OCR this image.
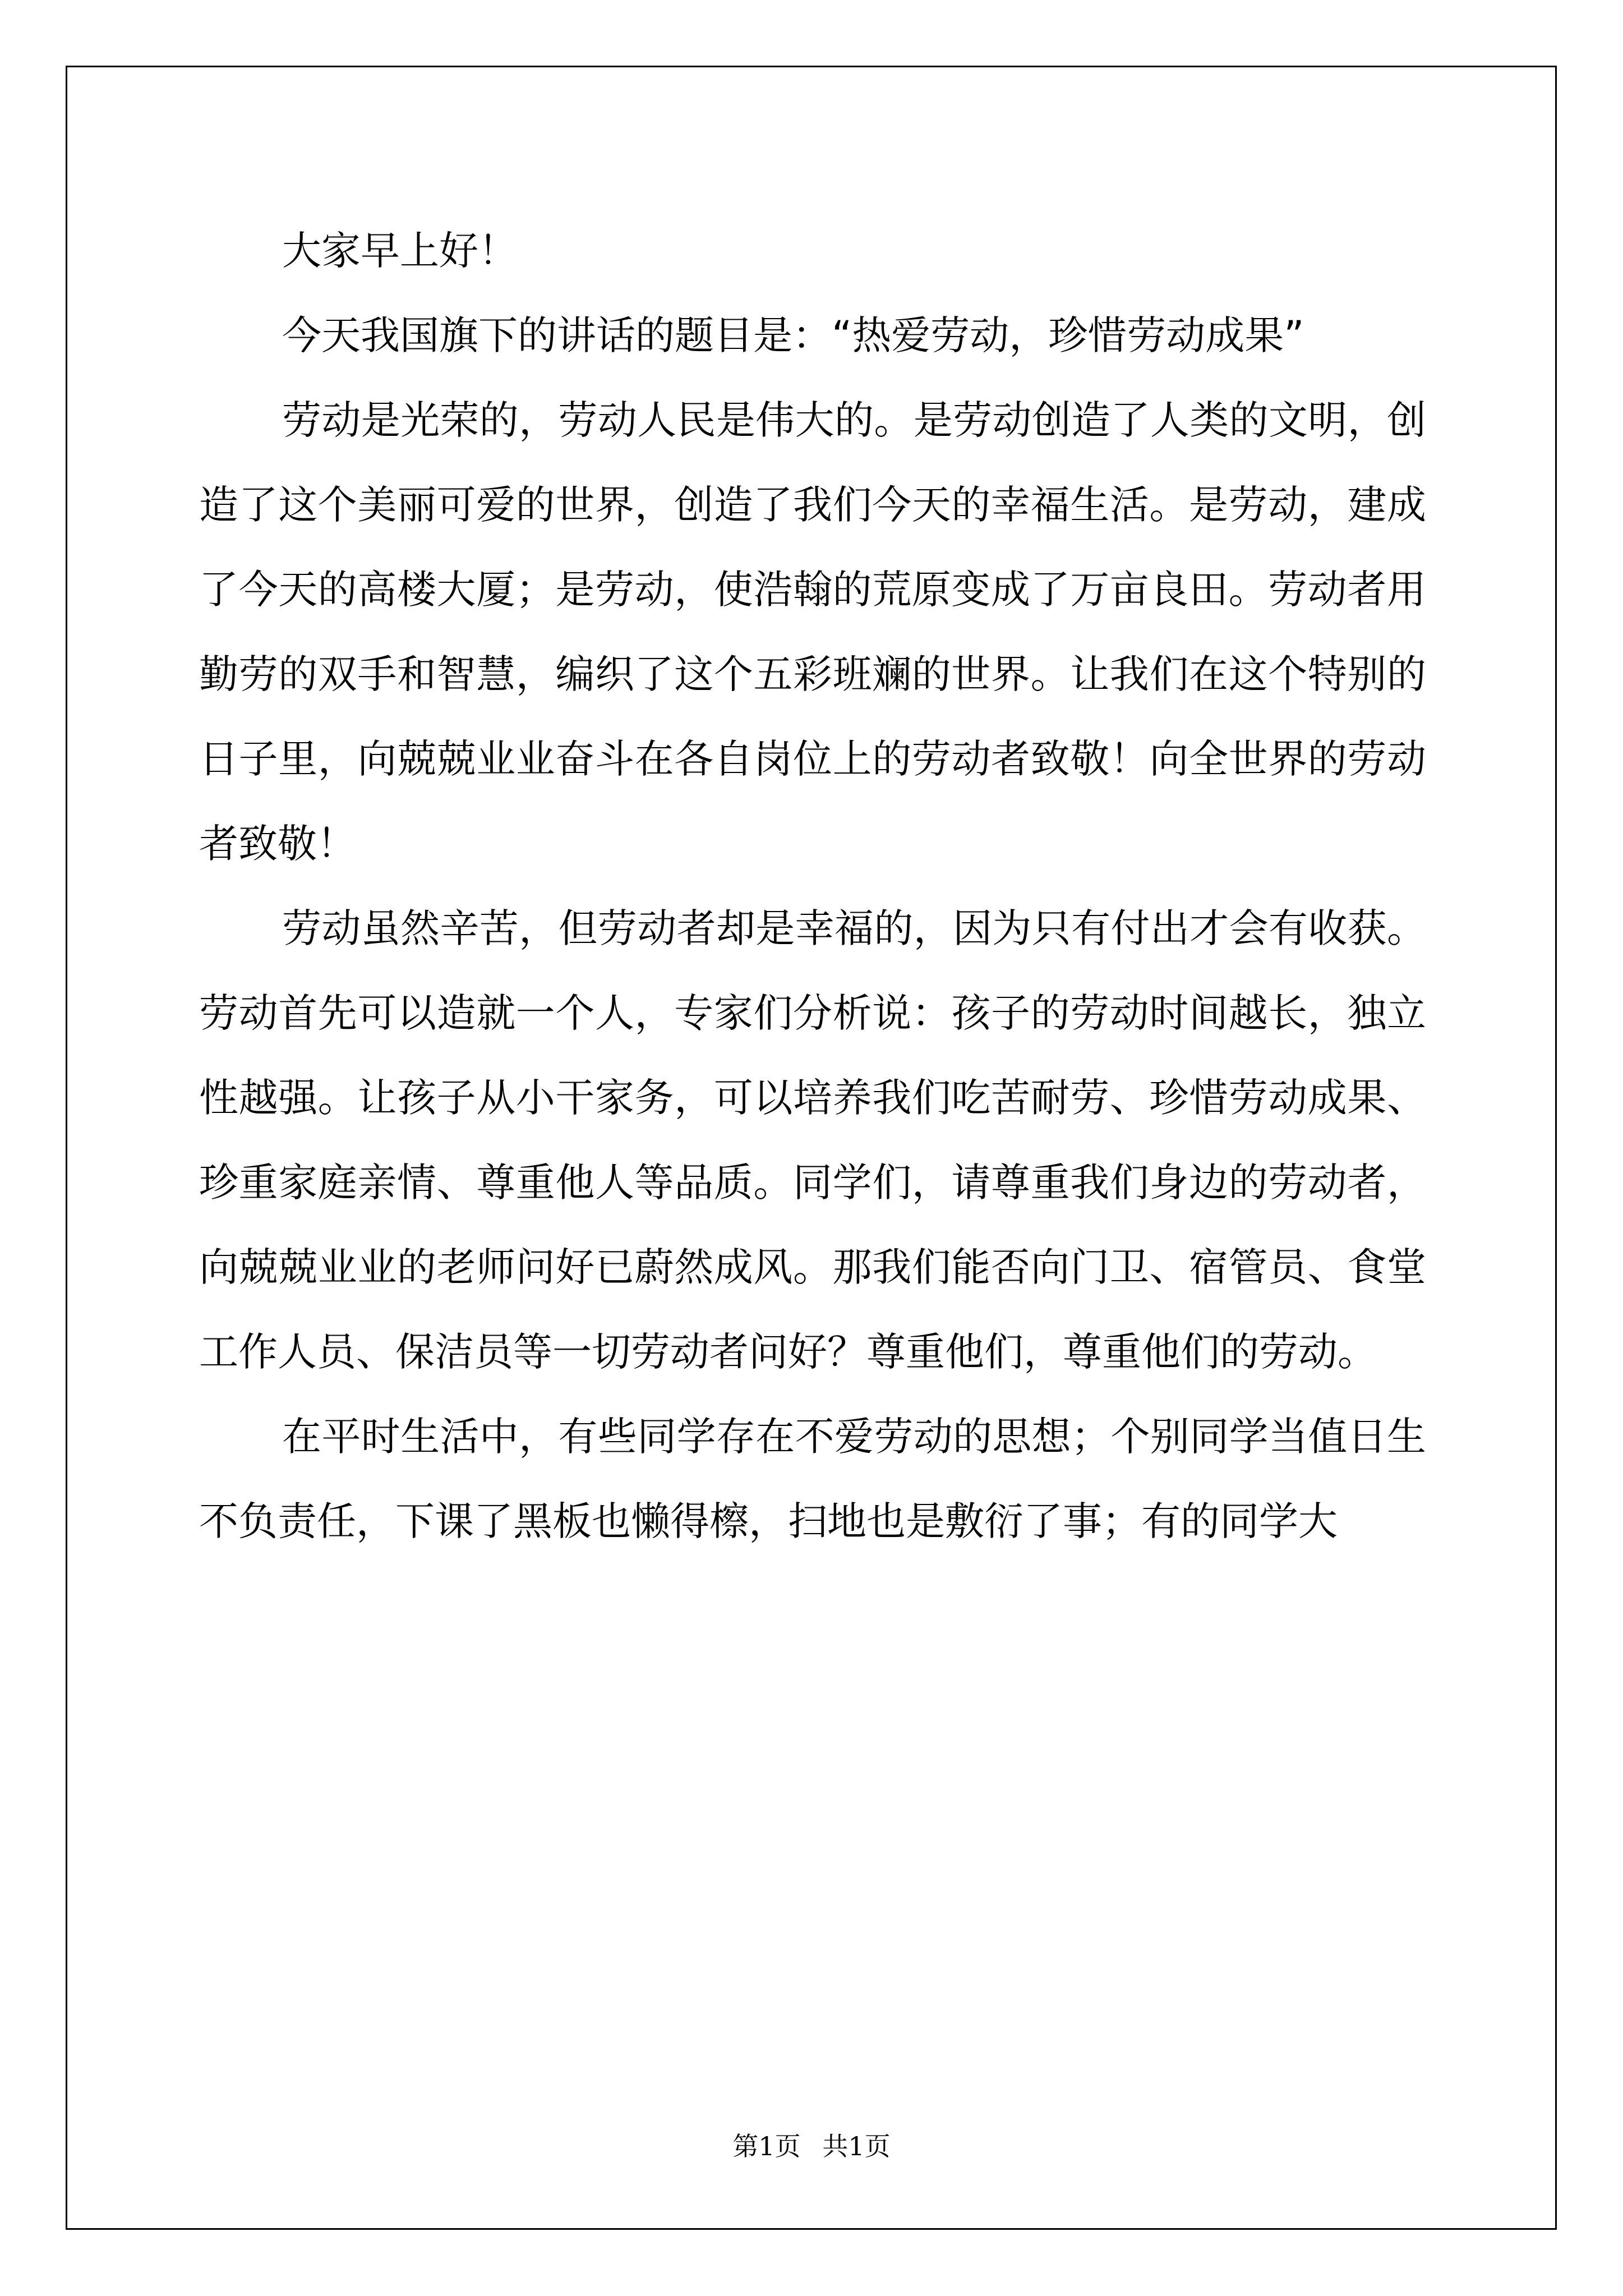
大家早上好！

今天我国旗下的讲话的题目是：“热爱劳动，珍惜劳动成果”

劳动是光荣的，劳动人民是伟大的。是劳动创造了人类的文明，创造了这个美丽可爱的世界，创造了我们今天的幸福生活。是劳动，建成了今天的高楼大厦；是劳动，使浩翰的荒原变成了万亩良田。劳动者用勤劳的双手和智慧，编织了这个五彩班斓的世界。让我们在这个特别的日子里，向兢兢业业奋斗在各自岗位上的劳动者致敬！向全世界的劳动者致敬！

劳动虽然辛苦，但劳动者却是幸福的，因为只有付出才会有收获。劳动首先可以造就一个人，专家们分析说：孩子的劳动时间越长，独立性越强。让孩子从小干家务，可以培养我们吃苦耐劳、珍惜劳动成果、珍重家庭亲情、尊重他人等品质。同学们，请尊重我们身边的劳动者，向兢兢业业的老师问好已蔚然成风。那我们能否向门卫、宿管员、食堂工作人员、保洁员等一切劳动者问好？尊重他们，尊重他们的劳动。

在平时生活中，有些同学存在不爱劳动的思想；个别同学当值日生不负责任，下课了黑板也懒得檫，扫地也是敷衍了事；有的同学大

第1页 共1页
